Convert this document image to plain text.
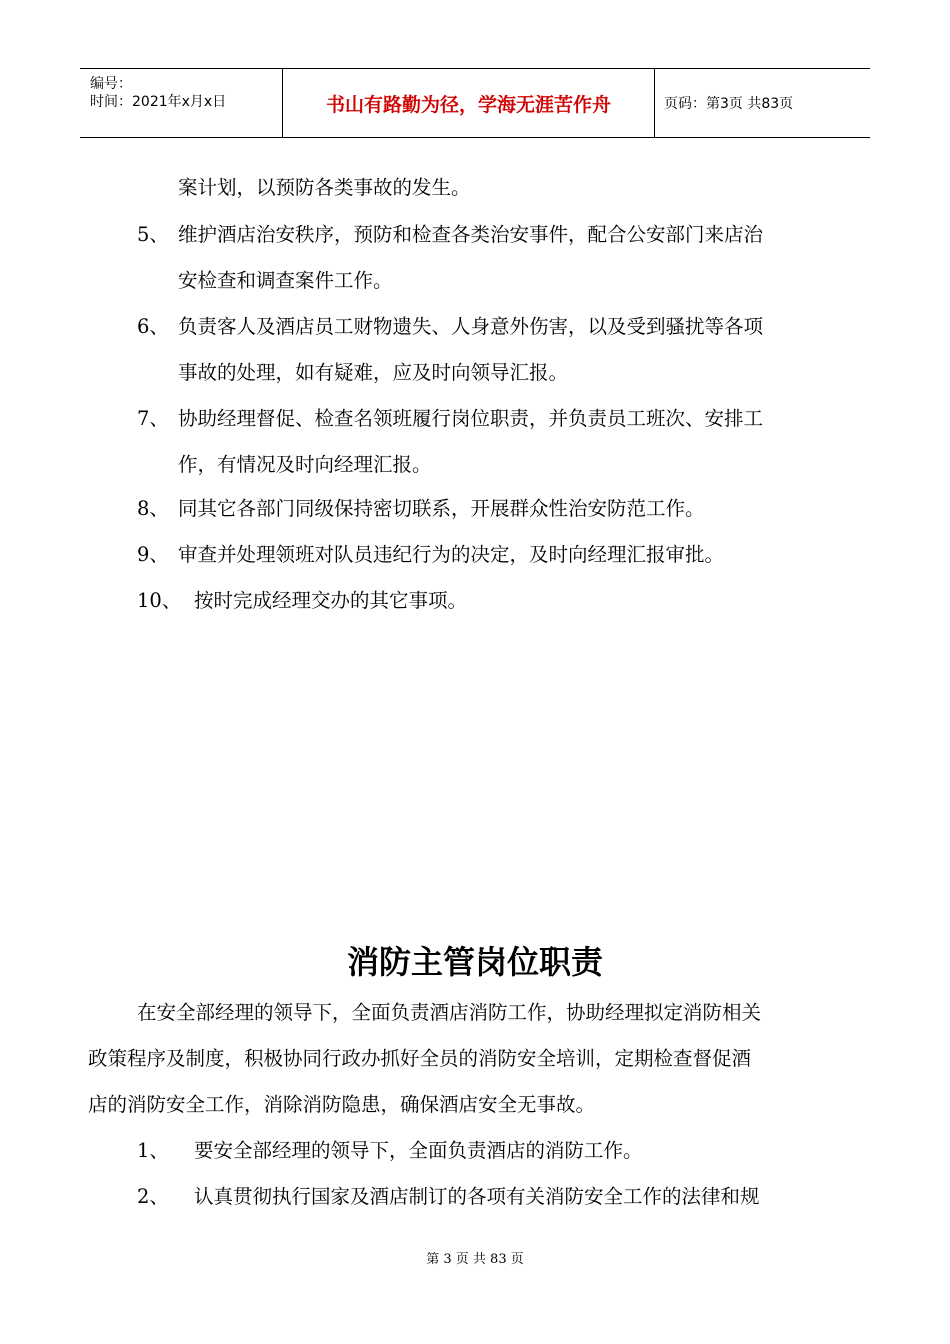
编号：
时间：2021年x月x日	书山有路勤为径，学海无涯苦作舟	页码：第3页 共83页
案计划，以预防各类事故的发生。
5、 维护酒店治安秩序，预防和检查各类治安事件，配合公安部门来店治
安检查和调查案件工作。
6、 负责客人及酒店员工财物遗失、人身意外伤害，以及受到骚扰等各项
事故的处理，如有疑难，应及时向领导汇报。
7、 协助经理督促、检查名领班履行岗位职责，并负责员工班次、安排工
作，有情况及时向经理汇报。
8、 同其它各部门同级保持密切联系，开展群众性治安防范工作。
9、 审查并处理领班对队员违纪行为的决定，及时向经理汇报审批。
10、 按时完成经理交办的其它事项。
消防主管岗位职责
在安全部经理的领导下，全面负责酒店消防工作，协助经理拟定消防相关
政策程序及制度，积极协同行政办抓好全员的消防安全培训，定期检查督促酒
店的消防安全工作，消除消防隐患，确保酒店安全无事故。
1、 要安全部经理的领导下，全面负责酒店的消防工作。
2、 认真贯彻执行国家及酒店制订的各项有关消防安全工作的法律和规
第 3 页 共 83 页
